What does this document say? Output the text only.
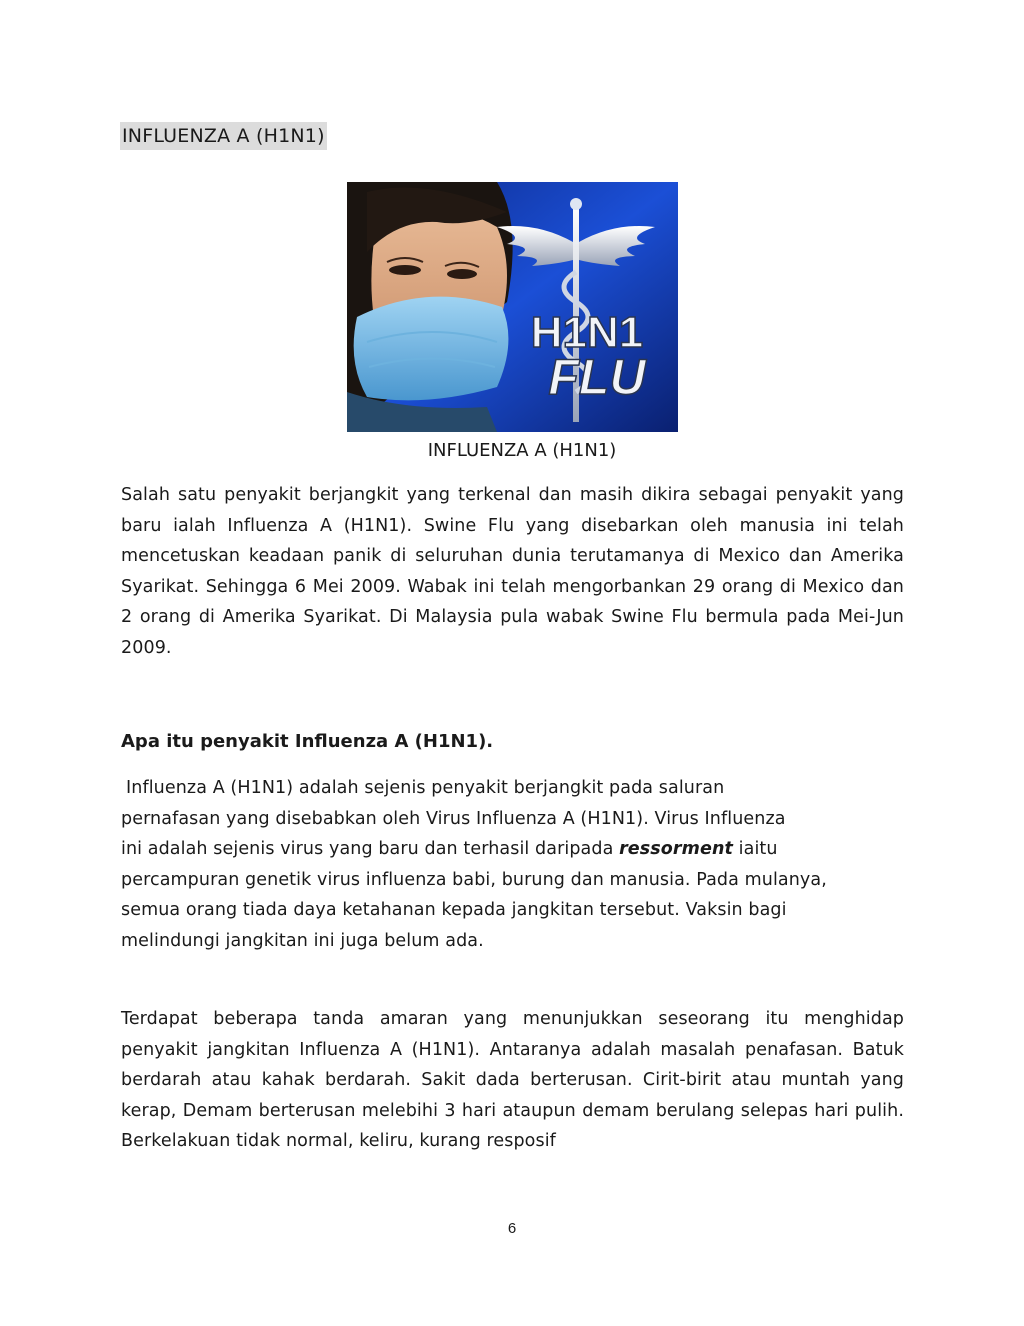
INFLUENZA A (H1N1)
H1N1
FLU
INFLUENZA A (H1N1)

Salah satu penyakit berjangkit yang terkenal dan masih dikira sebagai penyakit yang baru ialah Influenza A (H1N1). Swine Flu yang disebarkan oleh manusia ini telah mencetuskan keadaan panik di seluruhan dunia terutamanya di Mexico dan Amerika Syarikat. Sehingga 6 Mei 2009. Wabak ini telah mengorbankan 29 orang di Mexico dan 2 orang di Amerika Syarikat. Di Malaysia pula wabak Swine Flu bermula pada Mei-Jun 2009.

Apa itu penyakit Influenza A (H1N1).

Influenza A (H1N1) adalah sejenis penyakit berjangkit pada saluran
pernafasan yang disebabkan oleh Virus Influenza A (H1N1). Virus Influenza
ini adalah sejenis virus yang baru dan terhasil daripada ressorment iaitu
percampuran genetik virus influenza babi, burung dan manusia. Pada mulanya,
semua orang tiada daya ketahanan kepada jangkitan tersebut. Vaksin bagi
melindungi jangkitan ini juga belum ada.

Terdapat beberapa tanda amaran yang menunjukkan seseorang itu menghidap penyakit jangkitan Influenza A (H1N1). Antaranya adalah masalah penafasan. Batuk berdarah atau kahak berdarah. Sakit dada berterusan. Cirit-birit atau muntah yang kerap, Demam berterusan melebihi 3 hari ataupun demam berulang selepas hari pulih. Berkelakuan tidak normal, keliru, kurang resposif

6
